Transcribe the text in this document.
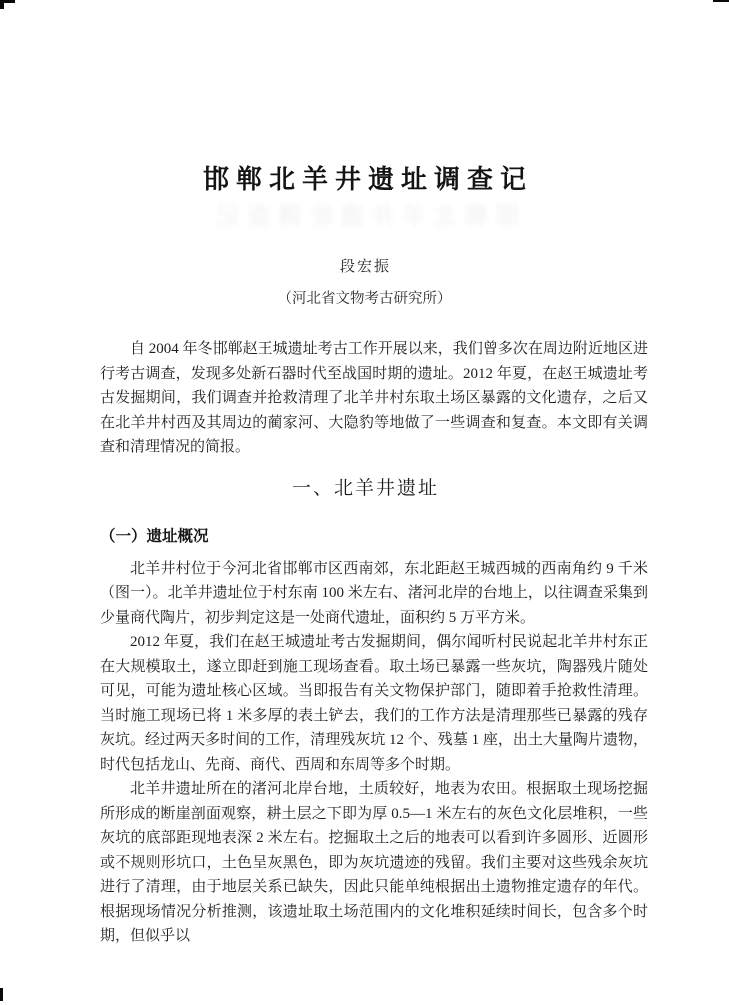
邯郸北羊井遗址调查记
邯郸北羊井遗址调查记
段宏振
（河北省文物考古研究所）

自 2004 年冬邯郸赵王城遗址考古工作开展以来，我们曾多次在周边附近地区进行考古调查，发现多处新石器时代至战国时期的遗址。2012 年夏，在赵王城遗址考古发掘期间，我们调查并抢救清理了北羊井村东取土场区暴露的文化遗存，之后又在北羊井村西及其周边的蔺家河、大隐豹等地做了一些调查和复查。本文即有关调查和清理情况的简报。

一、北羊井遗址
（一）遗址概况

北羊井村位于今河北省邯郸市区西南郊，东北距赵王城西城的西南角约 9 千米（图一）。北羊井遗址位于村东南 100 米左右、渚河北岸的台地上，以往调查采集到少量商代陶片，初步判定这是一处商代遗址，面积约 5 万平方米。

2012 年夏，我们在赵王城遗址考古发掘期间，偶尔闻听村民说起北羊井村东正在大规模取土，遂立即赶到施工现场查看。取土场已暴露一些灰坑，陶器残片随处可见，可能为遗址核心区域。当即报告有关文物保护部门，随即着手抢救性清理。当时施工现场已将 1 米多厚的表土铲去，我们的工作方法是清理那些已暴露的残存灰坑。经过两天多时间的工作，清理残灰坑 12 个、残墓 1 座，出土大量陶片遗物，时代包括龙山、先商、商代、西周和东周等多个时期。

北羊井遗址所在的渚河北岸台地，土质较好，地表为农田。根据取土现场挖掘所形成的断崖剖面观察，耕土层之下即为厚 0.5—1 米左右的灰色文化层堆积，一些灰坑的底部距现地表深 2 米左右。挖掘取土之后的地表可以看到许多圆形、近圆形或不规则形坑口，土色呈灰黑色，即为灰坑遗迹的残留。我们主要对这些残余灰坑进行了清理，由于地层关系已缺失，因此只能单纯根据出土遗物推定遗存的年代。根据现场情况分析推测，该遗址取土场范围内的文化堆积延续时间长，包含多个时期，但似乎以
